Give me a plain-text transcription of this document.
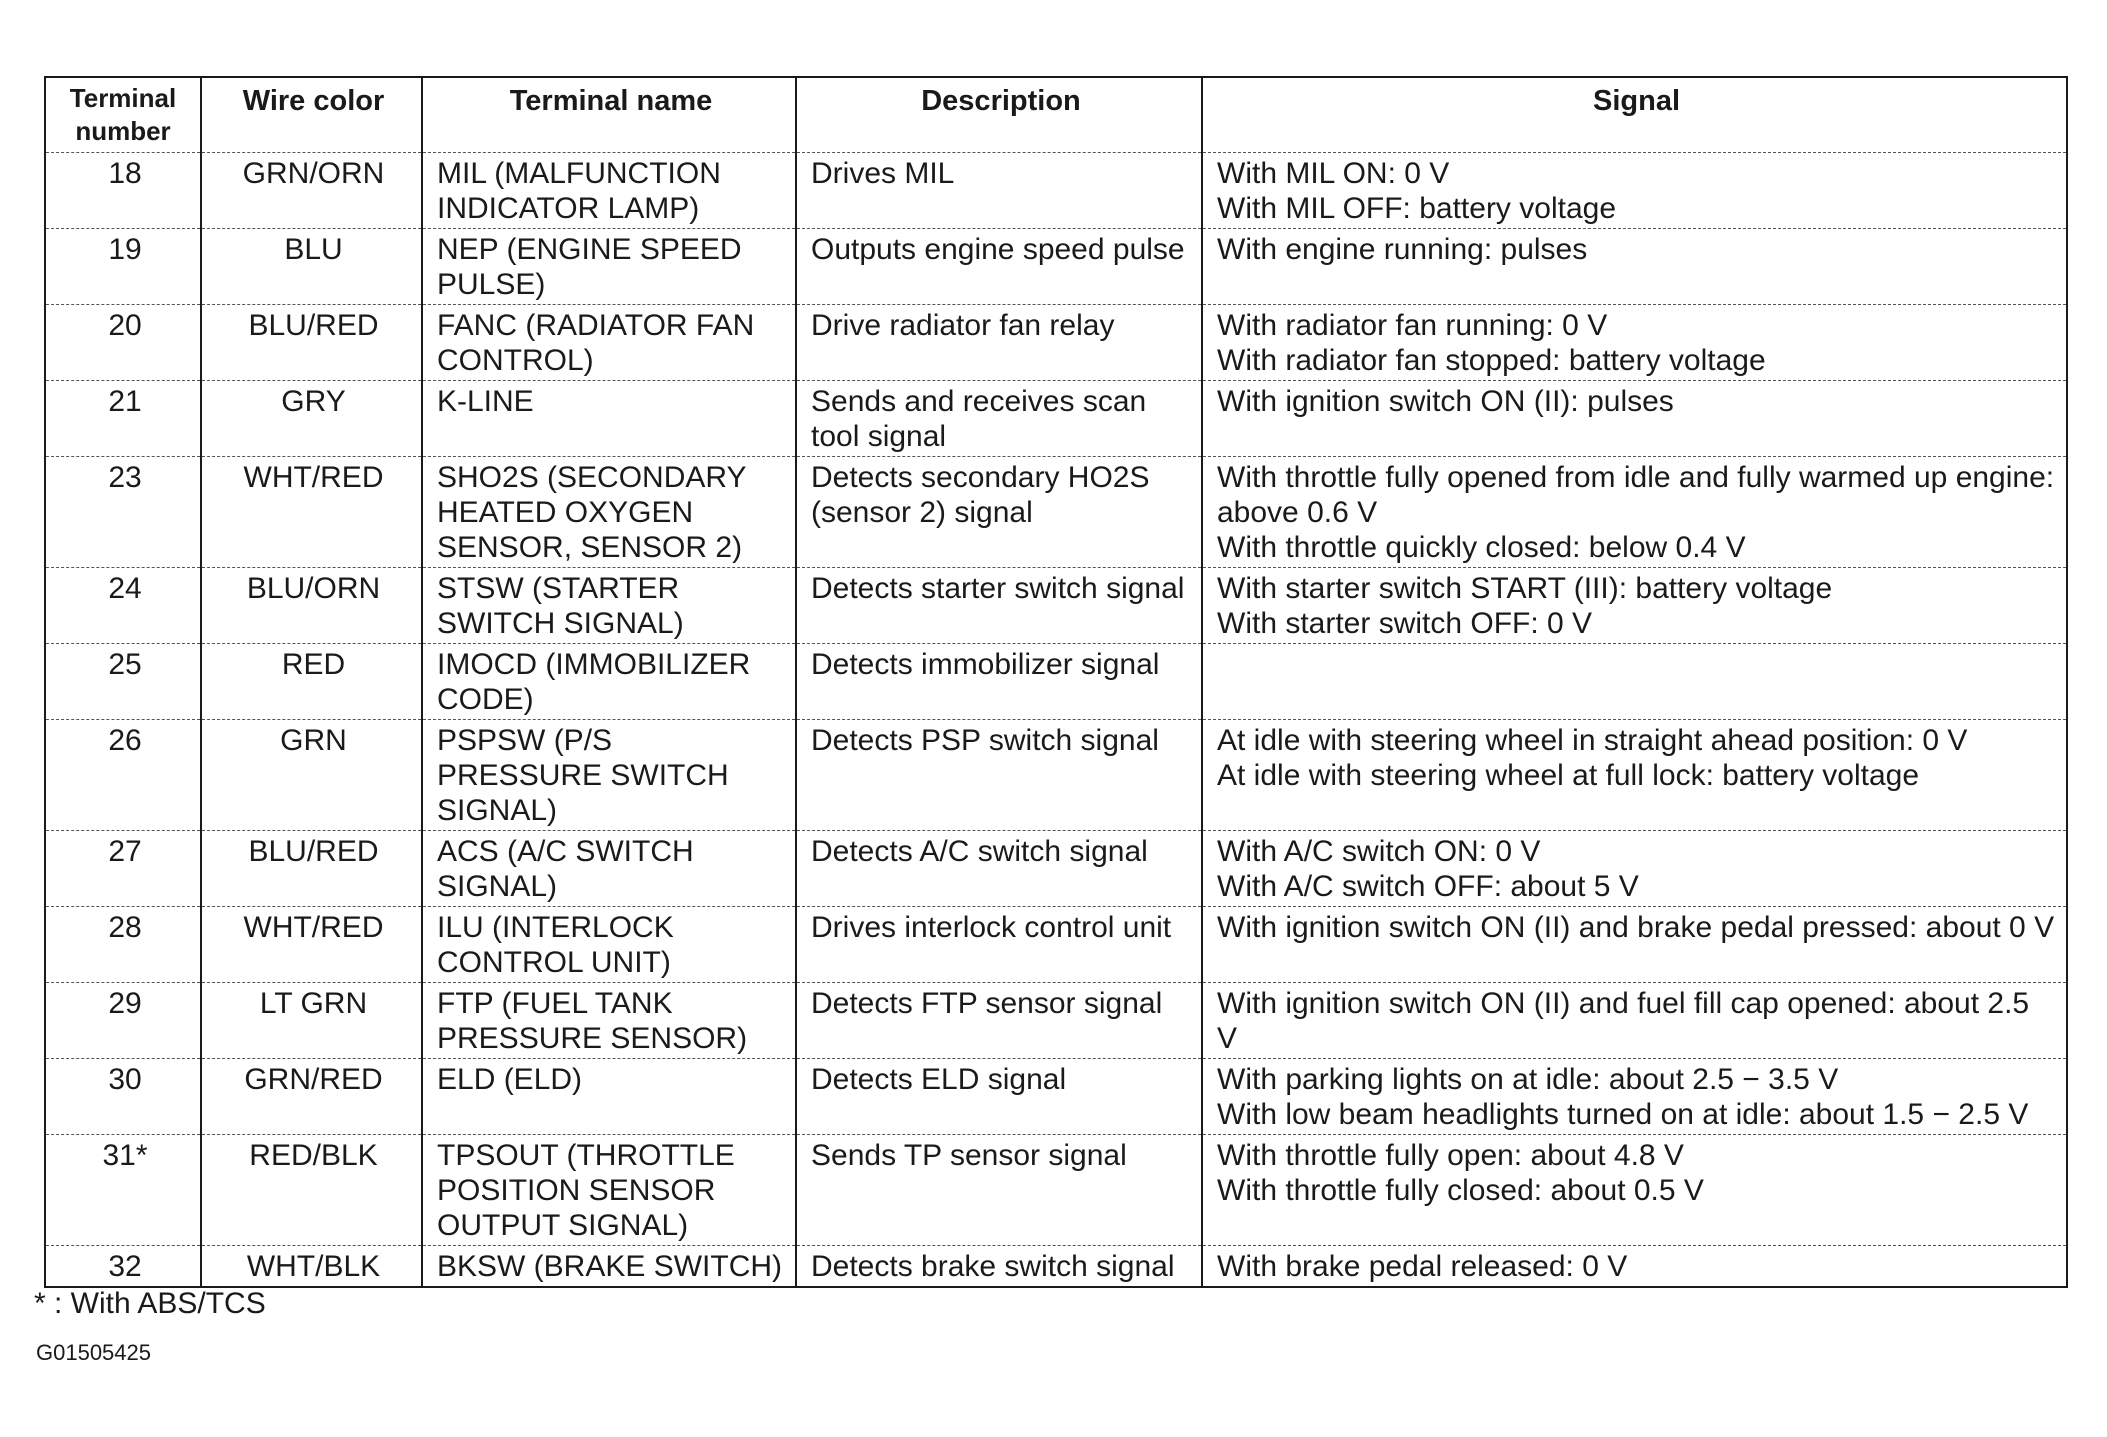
Terminal number	Wire color	Terminal name	Description	Signal
18	GRN/ORN	MIL (MALFUNCTION INDICATOR LAMP)	Drives MIL	With MIL ON: 0 V
With MIL OFF: battery voltage

19	BLU	NEP (ENGINE SPEED PULSE)	Outputs engine speed pulse	With engine running: pulses

20	BLU/RED	FANC (RADIATOR FAN CONTROL)	Drive radiator fan relay	With radiator fan running: 0 V
With radiator fan stopped: battery voltage

21	GRY	K-LINE	Sends and receives scan tool signal	With ignition switch ON (II): pulses

23	WHT/RED	SHO2S (SECONDARY HEATED OXYGEN SENSOR, SENSOR 2)	Detects secondary HO2S (sensor 2) signal	With throttle fully opened from idle and fully warmed up engine: above 0.6 V
With throttle quickly closed: below 0.4 V

24	BLU/ORN	STSW (STARTER SWITCH SIGNAL)	Detects starter switch signal	With starter switch START (III): battery voltage
With starter switch OFF: 0 V

25	RED	IMOCD (IMMOBILIZER CODE)	Detects immobilizer signal	
26	GRN	PSPSW (P/S PRESSURE SWITCH SIGNAL)	Detects PSP switch signal	At idle with steering wheel in straight ahead position: 0 V
At idle with steering wheel at full lock: battery voltage

27	BLU/RED	ACS (A/C SWITCH SIGNAL)	Detects A/C switch signal	With A/C switch ON: 0 V
With A/C switch OFF: about 5 V

28	WHT/RED	ILU (INTERLOCK CONTROL UNIT)	Drives interlock control unit	With ignition switch ON (II) and brake pedal pressed: about 0 V

29	LT GRN	FTP (FUEL TANK PRESSURE SENSOR)	Detects FTP sensor signal	With ignition switch ON (II) and fuel fill cap opened: about 2.5 V

30	GRN/RED	ELD (ELD)	Detects ELD signal	With parking lights on at idle: about 2.5 − 3.5 V
With low beam headlights turned on at idle: about 1.5 − 2.5 V

31*	RED/BLK	TPSOUT (THROTTLE POSITION SENSOR OUTPUT SIGNAL)	Sends TP sensor signal	With throttle fully open: about 4.8 V
With throttle fully closed: about 0.5 V

32	WHT/BLK	BKSW (BRAKE SWITCH)	Detects brake switch signal	With brake pedal released: 0 V
* : With ABS/TCS
G01505425
